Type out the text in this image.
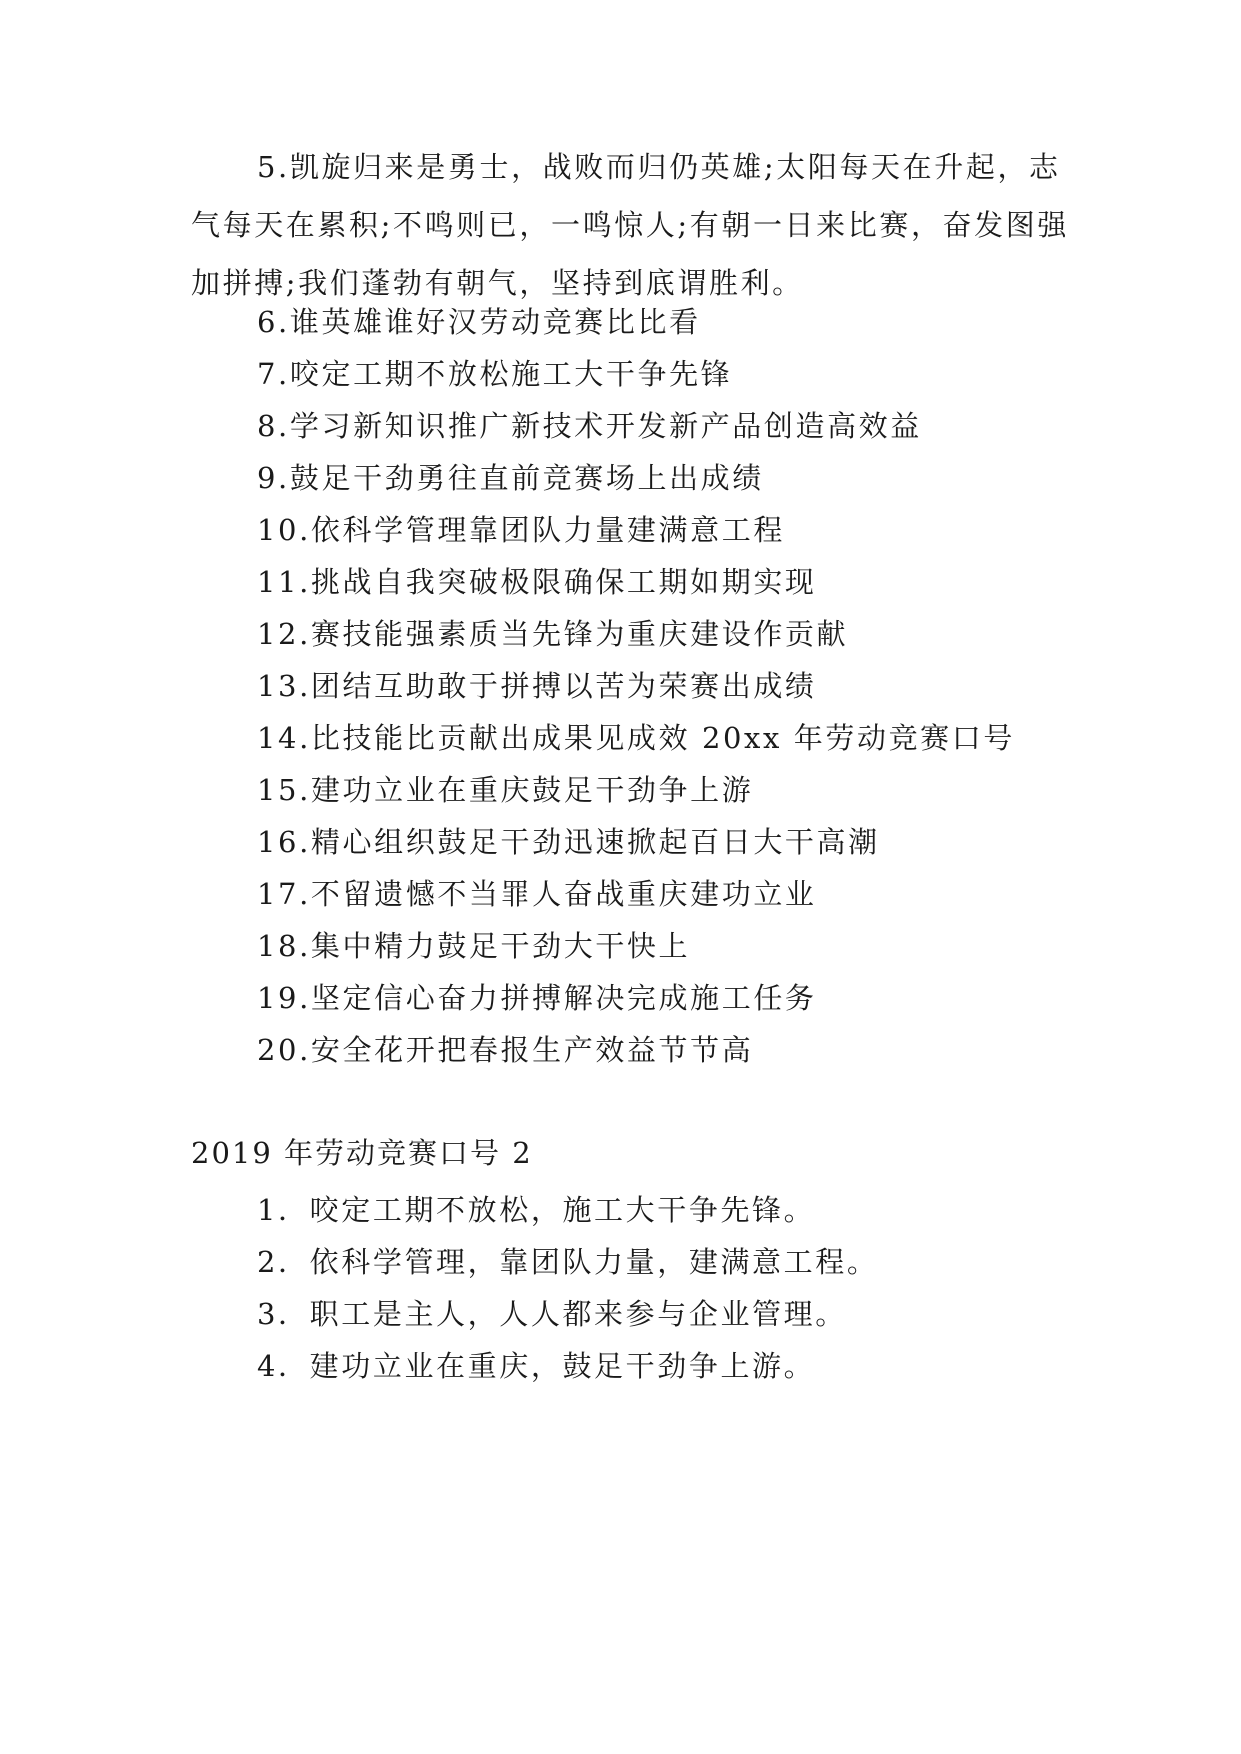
5.凯旋归来是勇士，战败而归仍英雄;太阳每天在升起，志气每天在累积;不鸣则已，一鸣惊人;有朝一日来比赛，奋发图强加拼搏;我们蓬勃有朝气，坚持到底谓胜利。
6.谁英雄谁好汉劳动竞赛比比看
7.咬定工期不放松施工大干争先锋
8.学习新知识推广新技术开发新产品创造高效益
9.鼓足干劲勇往直前竞赛场上出成绩
10.依科学管理靠团队力量建满意工程
11.挑战自我突破极限确保工期如期实现
12.赛技能强素质当先锋为重庆建设作贡献
13.团结互助敢于拼搏以苦为荣赛出成绩
14.比技能比贡献出成果见成效 20xx 年劳动竞赛口号
15.建功立业在重庆鼓足干劲争上游
16.精心组织鼓足干劲迅速掀起百日大干高潮
17.不留遗憾不当罪人奋战重庆建功立业
18.集中精力鼓足干劲大干快上
19.坚定信心奋力拼搏解决完成施工任务
20.安全花开把春报生产效益节节高
2019 年劳动竞赛口号 2
1．咬定工期不放松，施工大干争先锋。
2．依科学管理，靠团队力量，建满意工程。
3．职工是主人，人人都来参与企业管理。
4．建功立业在重庆，鼓足干劲争上游。
